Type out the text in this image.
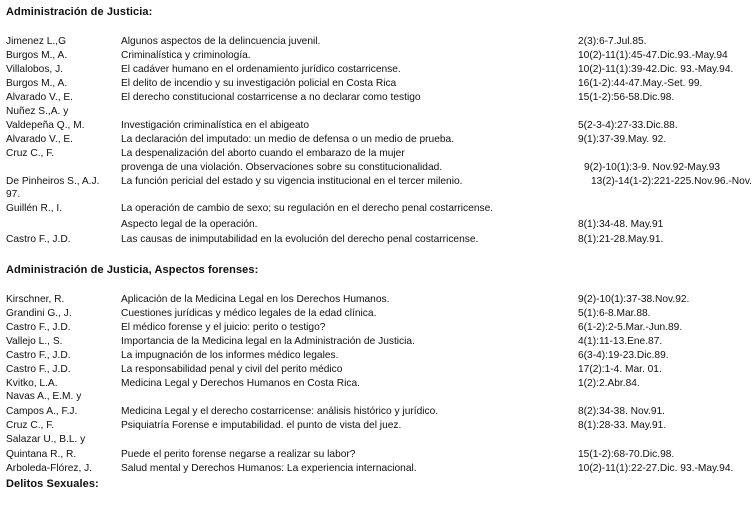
Administración de Justicia:
Jimenez L.,G	Algunos aspectos de la delincuencia juvenil.	2(3):6-7.Jul.85.
Burgos M., A.	Criminalística y criminología.	10(2)-11(1):45-47.Dic.93.-May.94
Villalobos, J.	El cadáver humano en el ordenamiento jurídico costarricense.	10(2)-11(1):39-42.Dic. 93.-May.94.
Burgos M., A.	El delito de incendio y su investigación policial en Costa Rica	16(1-2):44-47.May.-Set. 99.
Alvarado V., E.	El derecho constitucional costarricense a no declarar como testigo	15(1-2):56-58.Dic.98.
Nuñez S.,A. y
Valdepeña Q., M.	Investigación criminalística en el abigeato	5(2-3-4):27-33.Dic.88.
Alvarado V., E.	La declaración del imputado: un medio de defensa o un medio de prueba.	9(1):37-39.May. 92.
Cruz C., F.	La despenalización del aborto cuando el embarazo de la mujer
provenga de una violación. Observaciones sobre su constitucionalidad.	9(2)-10(1):3-9. Nov.92-May.93
De Pinheiros S., A.J. La función pericial del estado y su vigencia institucional en el tercer milenio.	13(2)-14(1-2):221-225.Nov.96.-Nov.
97.
Guillén R., I.	La operación de cambio de sexo; su regulación en el derecho penal costarricense.
Aspecto legal de la operación.	8(1):34-48. May.91
Castro F., J.D.	Las causas de inimputabilidad en la evolución del derecho penal costarricense.	8(1):21-28.May.91.
Administración de Justicia, Aspectos forenses:
Kirschner, R.	Aplicación de la Medicina Legal en los Derechos Humanos.	9(2)-10(1):37-38.Nov.92.
Grandini G., J.	Cuestiones jurídicas y médico legales de la edad clínica.	5(1):6-8.Mar.88.
Castro F., J.D.	El médico forense y el juicio: perito o testigo?	6(1-2):2-5.Mar.-Jun.89.
Vallejo L., S.	Importancia de la Medicina legal en la Administración de Justicia.	4(1):11-13.Ene.87.
Castro F., J.D.	La impugnación de los informes médico legales.	6(3-4):19-23.Dic.89.
Castro F., J.D.	La responsabilidad penal y civil del perito médico	17(2):1-4. Mar. 01.
Kvitko, L.A.	Medicina Legal y Derechos Humanos en Costa Rica.	1(2):2.Abr.84.
Navas A., E.M. y
Campos A., F.J.	Medicina Legal y el derecho costarricense: análisis histórico y jurídico.	8(2):34-38. Nov.91.
Cruz C., F.	Psiquiatría Forense e imputabilidad. el punto de vista del juez.	8(1):28-33. May.91.
Salazar U., B.L. y
Quintana R., R.	Puede el perito forense negarse a realizar su labor?	15(1-2):68-70.Dic.98.
Arboleda-Flórez, J.	Salud mental y Derechos Humanos: La experiencia internacional.	10(2)-11(1):22-27.Dic. 93.-May.94.
Delitos Sexuales:
